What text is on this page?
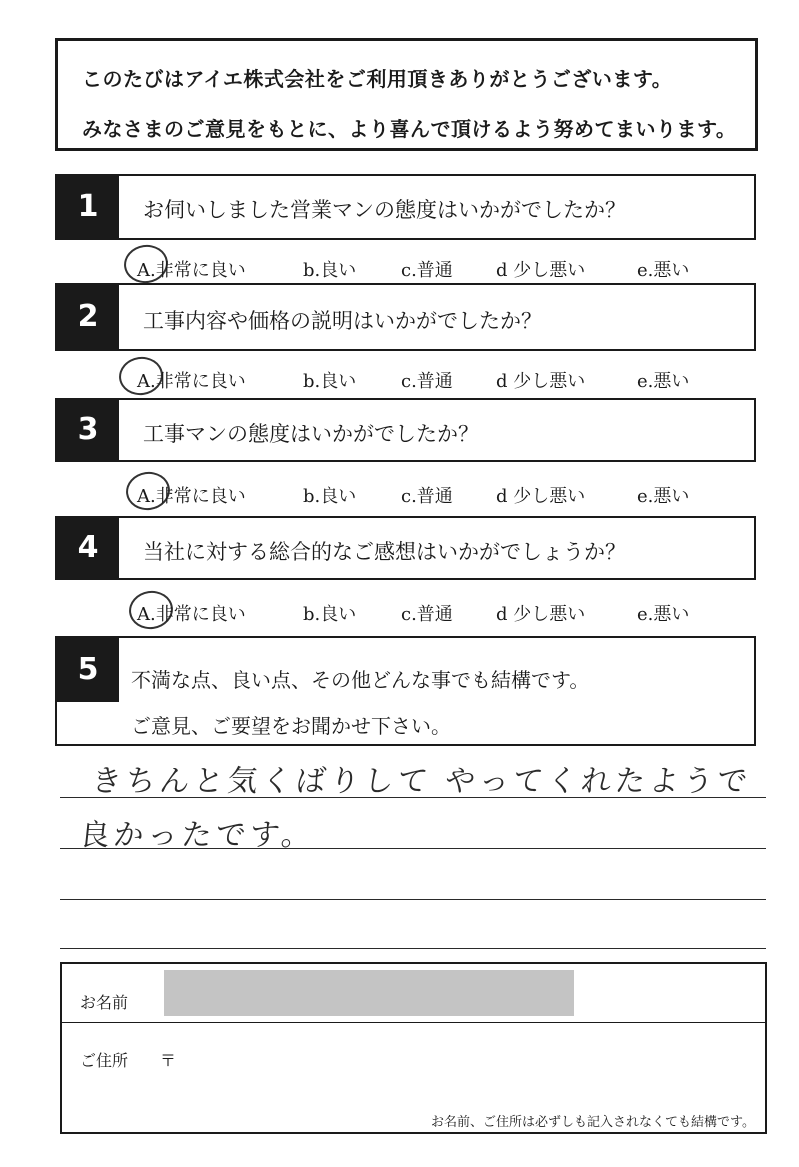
このたびはアイエ株式会社をご利用頂きありがとうございます。
みなさまのご意見をもとに、より喜んで頂けるよう努めてまいります。
1	お伺いしました営業マンの態度はいかがでしたか？
A.非常に良い	b.良い c.普通 d 少し悪い	e.悪い
2	工事内容や価格の説明はいかがでしたか？
A.非常に良い	b.良い c.普通 d 少し悪い	e.悪い
3	工事マンの態度はいかがでしたか？
A.非常に良い	b.良い c.普通 d 少し悪い	e.悪い
4	当社に対する総合的なご感想はいかがでしょうか？
A.非常に良い	b.良い c.普通 d 少し悪い	e.悪い
5	不満な点、良い点、その他どんな事でも結構です。
ご意見、ご要望をお聞かせ下さい。
きちんと気くばりして やってくれたようで
良かったです。
お名前
ご住所 〒
お名前、ご住所は必ずしも記入されなくても結構です。
